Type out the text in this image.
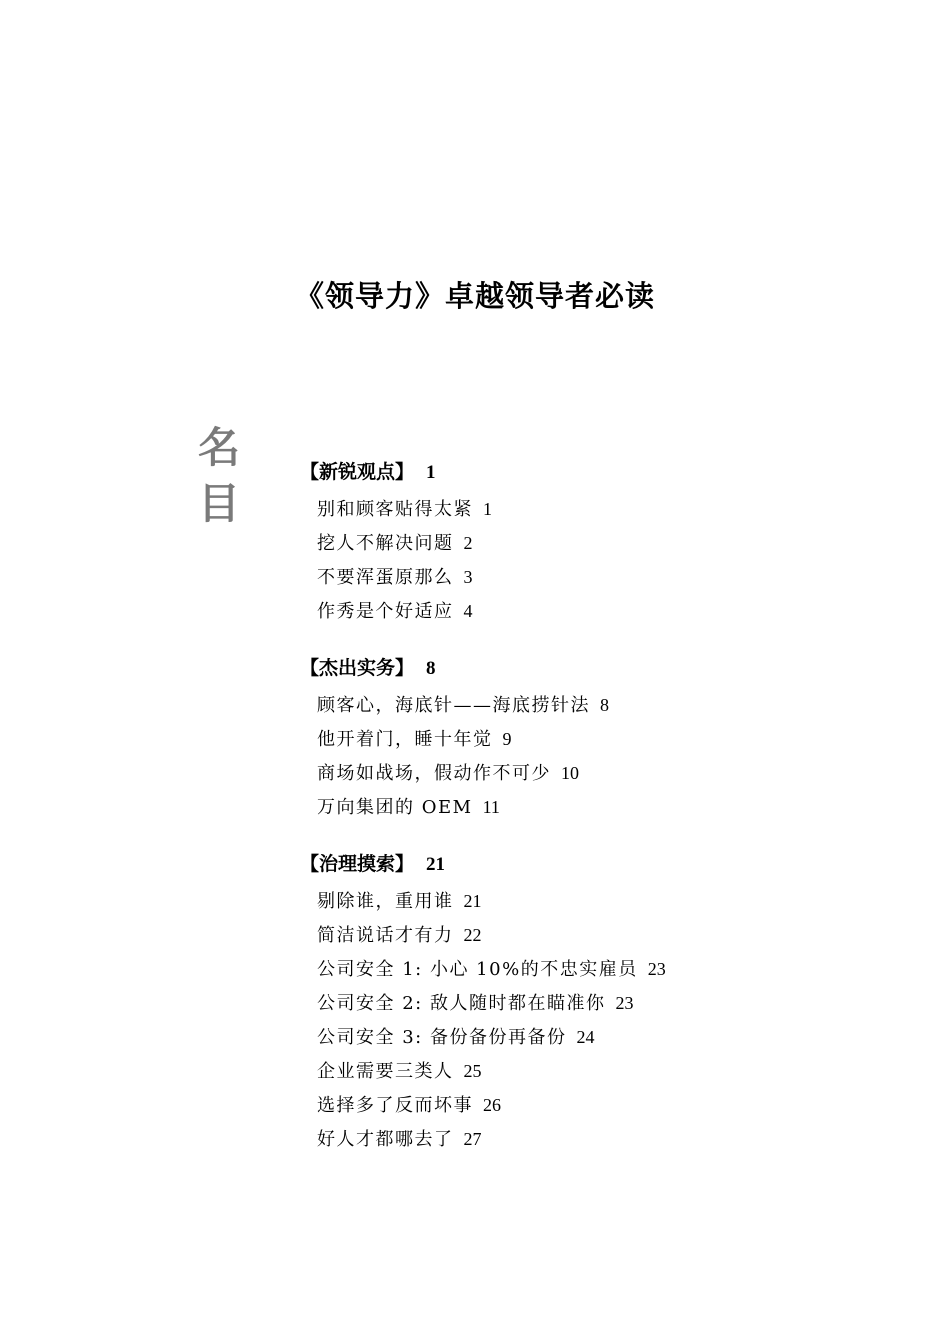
《领导力》卓越领导者必读
名
目
【新锐观点】 1
别和顾客贴得太紧 1
挖人不解决问题 2
不要浑蛋原那么 3
作秀是个好适应 4
【杰出实务】 8
顾客心，海底针——海底捞针法 8
他开着门，睡十年觉 9
商场如战场，假动作不可少 10
万向集团的 OEM 11
【治理摸索】 21
剔除谁，重用谁 21
简洁说话才有力 22
公司安全 1: 小心 10%的不忠实雇员 23
公司安全 2: 敌人随时都在瞄准你 23
公司安全 3: 备份备份再备份 24
企业需要三类人 25
选择多了反而坏事 26
好人才都哪去了 27
